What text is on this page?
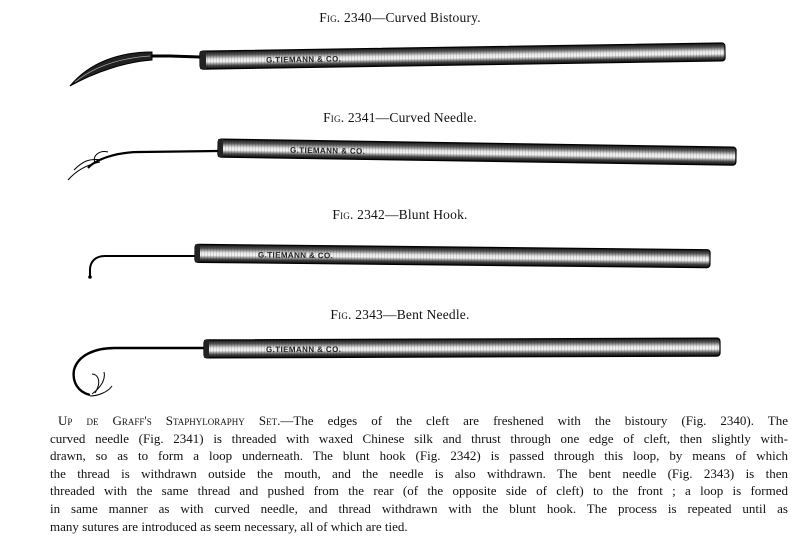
Fig. 2340—Curved Bistoury.
Fig. 2341—Curved Needle.
Fig. 2342—Blunt Hook.
Fig. 2343—Bent Needle.
G.TIEMANN & CO.
G.TIEMANN & CO.
G.TIEMANN & CO.
G.TIEMANN & CO.
Up de Graff's Staphyloraphy Set.—The edges of the cleft are freshened with the bistoury (Fig. 2340). The
curved needle (Fig. 2341) is threaded with waxed Chinese silk and thrust through one edge of cleft, then slightly with-
drawn, so as to form a loop underneath. The blunt hook (Fig. 2342) is passed through this loop, by means of which
the thread is withdrawn outside the mouth, and the needle is also withdrawn. The bent needle (Fig. 2343) is then
threaded with the same thread and pushed from the rear (of the opposite side of cleft) to the front ; a loop is formed
in same manner as with curved needle, and thread withdrawn with the blunt hook. The process is repeated until as
many sutures are introduced as seem necessary, all of which are tied.
